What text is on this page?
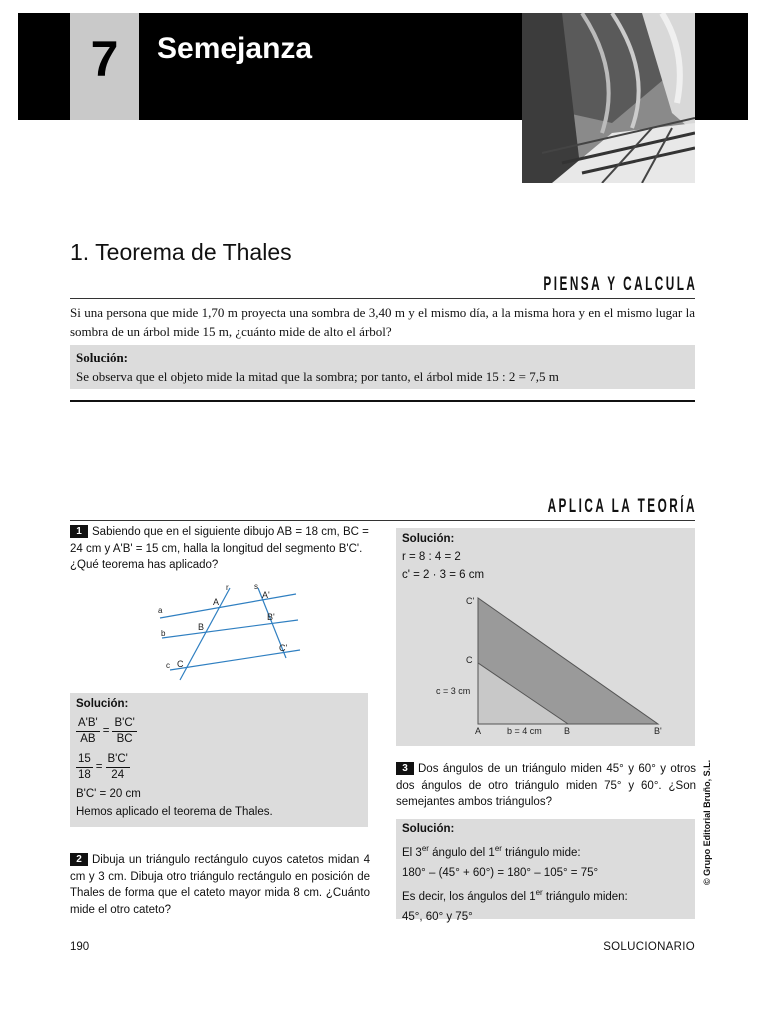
7	Semejanza
1. Teorema de Thales
PIENSA Y CALCULA
Si una persona que mide 1,70 m proyecta una sombra de 3,40 m y el mismo día, a la misma hora y en el mismo lugar la sombra de un árbol mide 15 m, ¿cuánto mide de alto el árbol?
Solución:
Se observa que el objeto mide la mitad que la sombra; por tanto, el árbol mide 15 : 2 = 7,5 m
APLICA LA TEORÍA
1 Sabiendo que en el siguiente dibujo AB = 18 cm, BC = 24 cm y A'B' = 15 cm, halla la longitud del segmento B'C'. ¿Qué teorema has aplicado?
r	s
a
b
c
A
A'
B
B'
C
C'
Solución:
$\frac{A'B'}{AB} = \frac{B'C'}{BC}$
$\frac{15}{18} = \frac{B'C'}{24}$
B'C' = 20 cm
Hemos aplicado el teorema de Thales.
2 Dibuja un triángulo rectángulo cuyos catetos midan 4 cm y 3 cm. Dibuja otro triángulo rectángulo en posición de Thales de forma que el cateto mayor mida 8 cm. ¿Cuánto mide el otro cateto?
Solución:
r = 8 : 4 = 2
c' = 2 · 3 = 6 cm
C'
C
c = 3 cm
A	b = 4 cm B	B'
3 Dos ángulos de un triángulo miden 45° y 60° y otros dos ángulos de otro triángulo miden 75° y 60°. ¿Son semejantes ambos triángulos?
Solución:
El 3er ángulo del 1er triángulo mide:
180° – (45° + 60°) = 180° – 105° = 75°
Es decir, los ángulos del 1er triángulo miden:
45°, 60° y 75°
© Grupo Editorial Bruño, S.L.
190	SOLUCIONARIO
